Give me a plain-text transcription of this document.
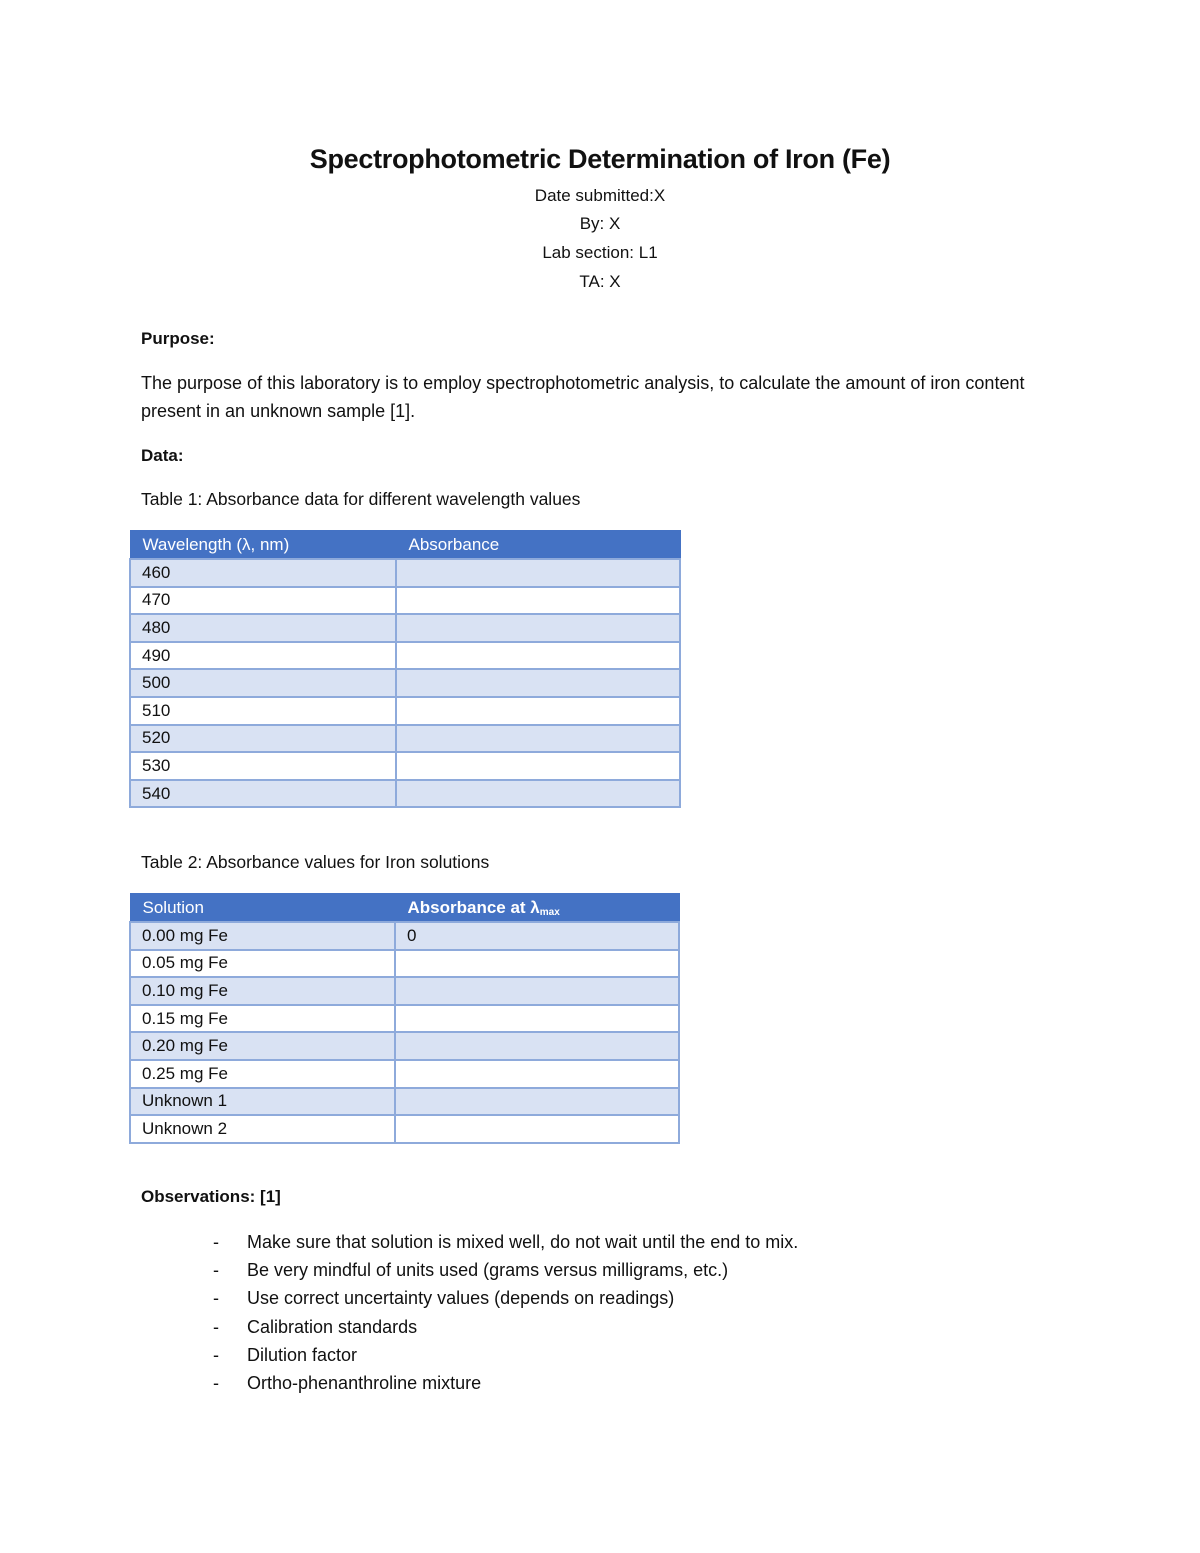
Spectrophotometric Determination of Iron (Fe)
Date submitted:X
By: X
Lab section: L1
TA: X
Purpose:
The purpose of this laboratory is to employ spectrophotometric analysis, to calculate the amount of iron content present in an unknown sample [1].
Data:
Table 1: Absorbance data for different wavelength values
Wavelength (λ, nm)	Absorbance
460	
470	
480	
490	
500	
510	
520	
530	
540	
Table 2: Absorbance values for Iron solutions
Solution	Absorbance at $\lambda_{max}$
0.00 mg Fe	0
0.05 mg Fe	
0.10 mg Fe	
0.15 mg Fe	
0.20 mg Fe	
0.25 mg Fe	
Unknown 1	
Unknown 2	
Observations: [1]
- Make sure that solution is mixed well, do not wait until the end to mix.
- Be very mindful of units used (grams versus milligrams, etc.)
- Use correct uncertainty values (depends on readings)
- Calibration standards
- Dilution factor
- Ortho-phenanthroline mixture
